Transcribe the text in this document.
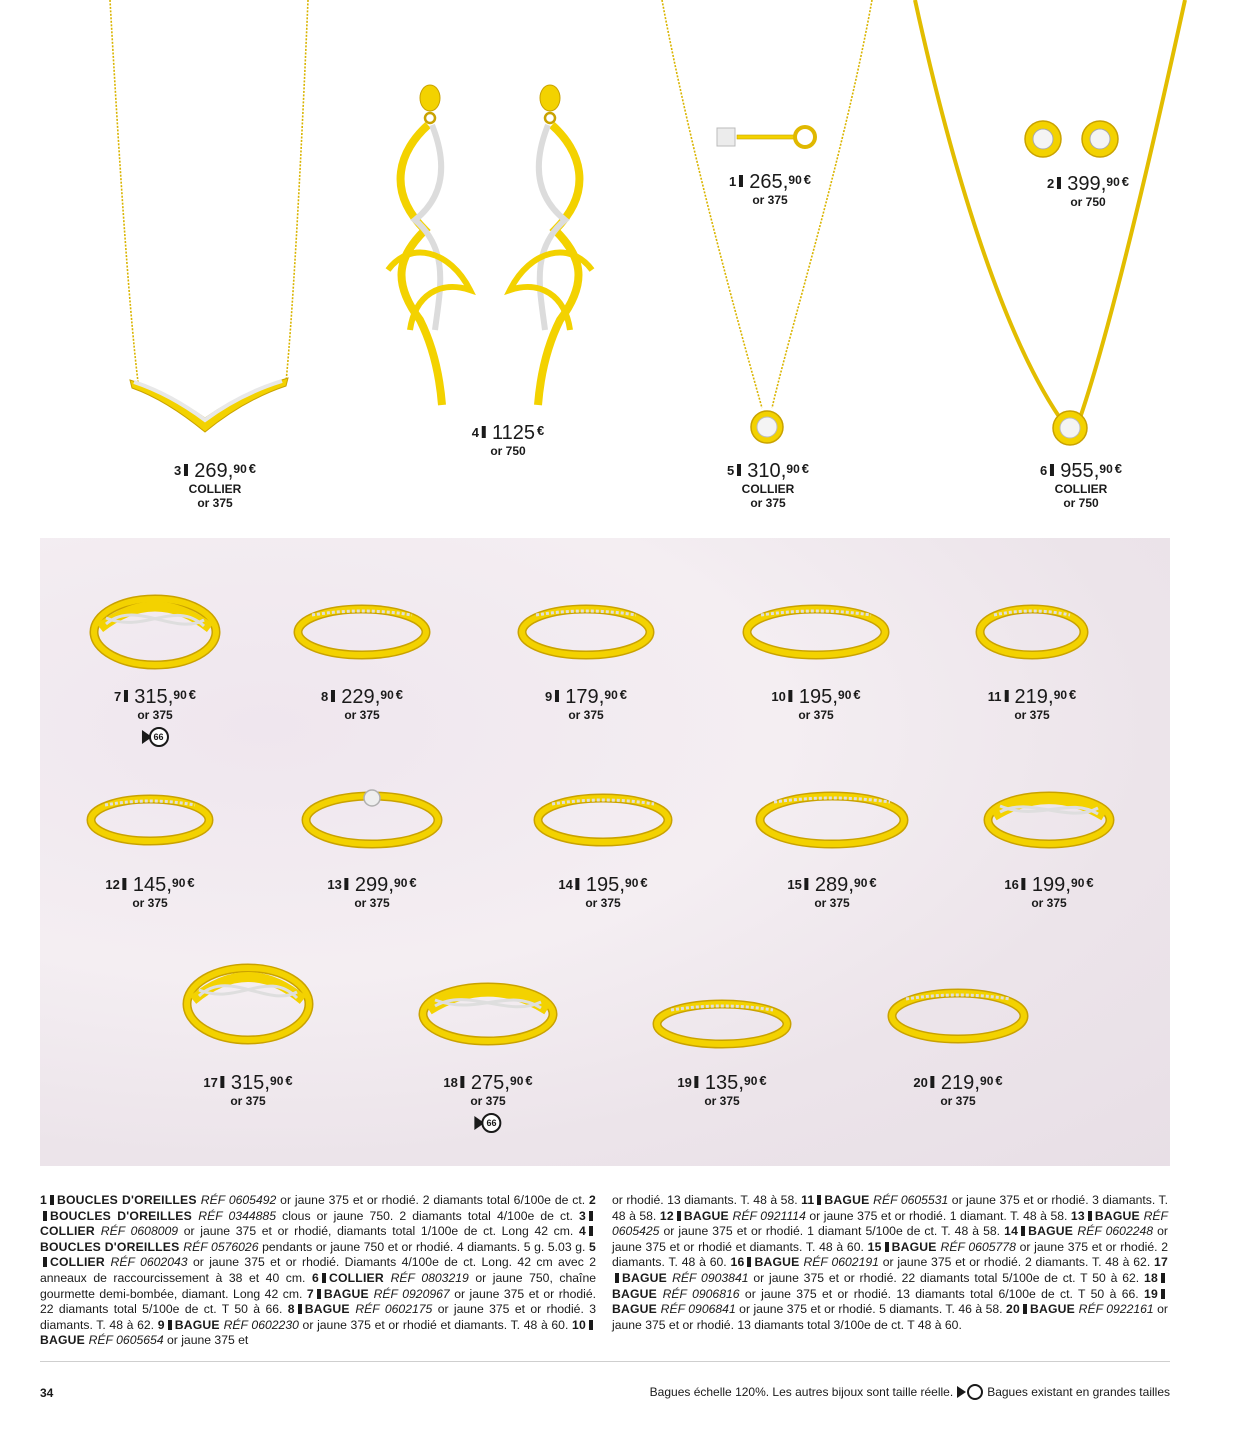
3 269,90 €
COLLIER
or 375
4 1125 €
or 750
1 265,90 €
or 375
2 399,90 €
or 750
5 310,90 €
COLLIER
or 375
6 955,90 €
COLLIER
or 750
7 315,90 €
or 375
66
8 229,90 €
or 375
9 179,90 €
or 375
10 195,90 €
or 375
11 219,90 €
or 375
12 145,90 €
or 375
13 299,90 €
or 375
14 195,90 €
or 375
15 289,90 €
or 375
16 199,90 €
or 375
17 315,90 €
or 375
18 275,90 €
or 375
66
19 135,90 €
or 375
20 219,90 €
or 375
1 BOUCLES D'OREILLES RÉF 0605492 or jaune 375 et or rhodié. 2 diamants total 6/100e de ct. 2BOUCLES D'OREILLES RÉF 0344885 clous or jaune 750. 2 diamants total 4/100e de ct. 3COLLIER RÉF 0608009 or jaune 375 et or rhodié, diamants total 1/100e de ct. Long 42 cm. 4BOUCLES D'OREILLES RÉF 0576026 pendants or jaune 750 et or rhodié. 4 diamants. 5 g. 5.03 g. 5COLLIER RÉF 0602043 or jaune 375 et or rhodié. Diamants 4/100e de ct. Long. 42 cm avec 2 anneaux de raccourcissement à 38 et 40 cm. 6 COLLIER RÉF 0803219 or jaune 750, chaîne gourmette demi-bombée, diamant. Long 42 cm. 7 BAGUE RÉF 0920967 or jaune 375 et or rhodié. 22 diamants total 5/100e de ct. T 50 à 66. 8 BAGUE RÉF 0602175 or jaune 375 et or rhodié. 3 diamants. T. 48 à 62. 9 BAGUE RÉF 0602230 or jaune 375 et or rhodié et diamants. T. 48 à 60. 10BAGUE RÉF 0605654 or jaune 375 et
or rhodié. 13 diamants. T. 48 à 58. 11 BAGUE RÉF 0605531 or jaune 375 et or rhodié. 3 diamants. T. 48 à 58. 12 BAGUE RÉF 0921114 or jaune 375 et or rhodié. 1 diamant. T. 48 à 58. 13 BAGUE RÉF 0605425 or jaune 375 et or rhodié. 1 diamant 5/100e de ct. T. 48 à 58. 14 BAGUE RÉF 0602248 or jaune 375 et or rhodié et diamants. T. 48 à 60. 15 BAGUE RÉF 0605778 or jaune 375 et or rhodié. 2 diamants. T. 48 à 60. 16 BAGUE RÉF 0602191 or jaune 375 et or rhodié. 2 diamants. T. 48 à 62. 17BAGUE RÉF 0903841 or jaune 375 et or rhodié. 22 diamants total 5/100e de ct. T 50 à 62. 18BAGUE RÉF 0906816 or jaune 375 et or rhodié. 13 diamants total 6/100e de ct. T 50 à 66. 19BAGUE RÉF 0906841 or jaune 375 et or rhodié. 5 diamants. T. 46 à 58. 20 BAGUE RÉF 0922161 or jaune 375 et or rhodié. 13 diamants total 3/100e de ct. T 48 à 60.
34	Bagues échelle 120%. Les autres bijoux sont taille réelle.	Bagues existant en grandes tailles
